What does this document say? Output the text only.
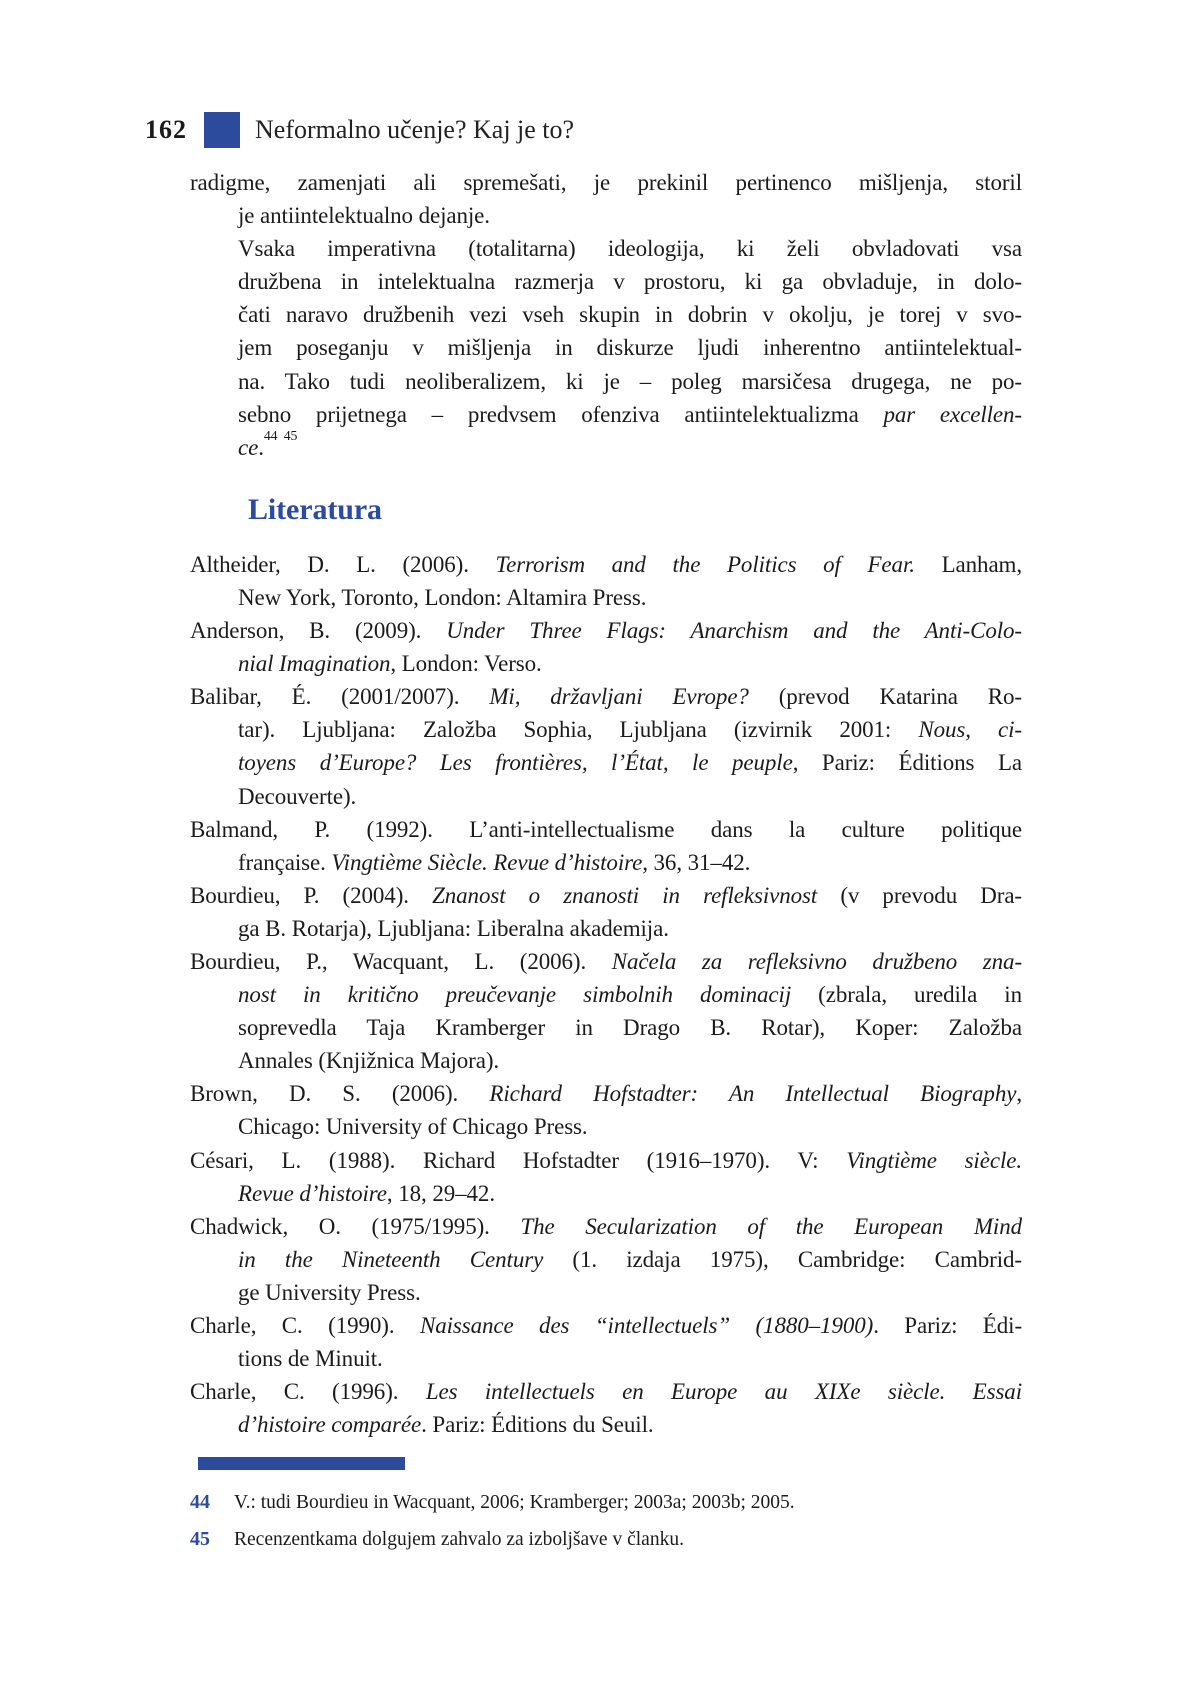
162	Neformalno učenje? Kaj je to?
radigme, zamenjati ali spremešati, je prekinil pertinenco mišljenja, storil
je antiintelektualno dejanje.
Vsaka imperativna (totalitarna) ideologija, ki želi obvladovati vsa
družbena in intelektualna razmerja v prostoru, ki ga obvladuje, in dolo-
čati naravo družbenih vezi vseh skupin in dobrin v okolju, je torej v svo-
jem poseganju v mišljenja in diskurze ljudi inherentno antiintelektual-
na. Tako tudi neoliberalizem, ki je – poleg marsičesa drugega, ne po-
sebno prijetnega – predvsem ofenziva antiintelektualizma par excellen-
ce.$^{44}$ $^{45}$
Literatura
Altheider, D. L. (2006). Terrorism and the Politics of Fear. Lanham,
New York, Toronto, London: Altamira Press.
Anderson, B. (2009). Under Three Flags: Anarchism and the Anti-Colo-
nial Imagination, London: Verso.
Balibar, É. (2001/2007). Mi, državljani Evrope? (prevod Katarina Ro-
tar). Ljubljana: Založba Sophia, Ljubljana (izvirnik 2001: Nous, ci-
toyens d’Europe? Les frontières, l’État, le peuple, Pariz: Éditions La
Decouverte).
Balmand, P. (1992). L’anti-intellectualisme dans la culture politique
française. Vingtième Siècle. Revue d’histoire, 36, 31–42.
Bourdieu, P. (2004). Znanost o znanosti in refleksivnost (v prevodu Dra-
ga B. Rotarja), Ljubljana: Liberalna akademija.
Bourdieu, P., Wacquant, L. (2006). Načela za refleksivno družbeno zna-
nost in kritično preučevanje simbolnih dominacij (zbrala, uredila in
soprevedla Taja Kramberger in Drago B. Rotar), Koper: Založba
Annales (Knjižnica Majora).
Brown, D. S. (2006). Richard Hofstadter: An Intellectual Biography,
Chicago: University of Chicago Press.
Césari, L. (1988). Richard Hofstadter (1916–1970). V: Vingtième siècle.
Revue d’histoire, 18, 29–42.
Chadwick, O. (1975/1995). The Secularization of the European Mind
in the Nineteenth Century (1. izdaja 1975), Cambridge: Cambrid-
ge University Press.
Charle, C. (1990). Naissance des “intellectuels” (1880–1900). Pariz: Édi-
tions de Minuit.
Charle, C. (1996). Les intellectuels en Europe au XIXe siècle. Essai
d’histoire comparée. Pariz: Éditions du Seuil.
44 V.: tudi Bourdieu in Wacquant, 2006; Kramberger; 2003a; 2003b; 2005.
45 Recenzentkama dolgujem zahvalo za izboljšave v članku.
